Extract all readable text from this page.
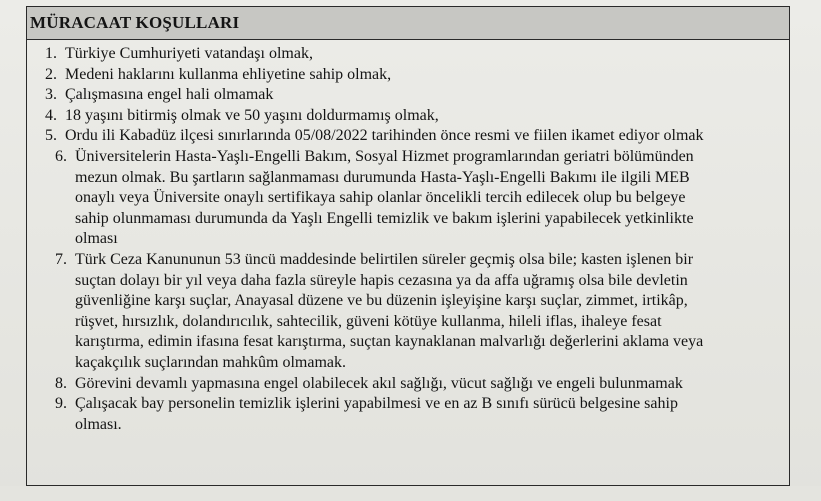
MÜRACAAT KOŞULLARI
1. Türkiye Cumhuriyeti vatandaşı olmak,
2. Medeni haklarını kullanma ehliyetine sahip olmak,
3. Çalışmasına engel hali olmamak
4. 18 yaşını bitirmiş olmak ve 50 yaşını doldurmamış olmak,
5. Ordu ili Kabadüz ilçesi sınırlarında 05/08/2022 tarihinden önce resmi ve fiilen ikamet ediyor olmak
6. Üniversitelerin Hasta-Yaşlı-Engelli Bakım, Sosyal Hizmet programlarından geriatri bölümünden
mezun olmak. Bu şartların sağlanmaması durumunda Hasta-Yaşlı-Engelli Bakımı ile ilgili MEB
onaylı veya Üniversite onaylı sertifikaya sahip olanlar öncelikli tercih edilecek olup bu belgeye
sahip olunmaması durumunda da Yaşlı Engelli temizlik ve bakım işlerini yapabilecek yetkinlikte
olması
7. Türk Ceza Kanununun 53 üncü maddesinde belirtilen süreler geçmiş olsa bile; kasten işlenen bir
suçtan dolayı bir yıl veya daha fazla süreyle hapis cezasına ya da affa uğramış olsa bile devletin
güvenliğine karşı suçlar, Anayasal düzene ve bu düzenin işleyişine karşı suçlar, zimmet, irtikâp,
rüşvet, hırsızlık, dolandırıcılık, sahtecilik, güveni kötüye kullanma, hileli iflas, ihaleye fesat
karıştırma, edimin ifasına fesat karıştırma, suçtan kaynaklanan malvarlığı değerlerini aklama veya
kaçakçılık suçlarından mahkûm olmamak.
8. Görevini devamlı yapmasına engel olabilecek akıl sağlığı, vücut sağlığı ve engeli bulunmamak
9. Çalışacak bay personelin temizlik işlerini yapabilmesi ve en az B sınıfı sürücü belgesine sahip
olması.
